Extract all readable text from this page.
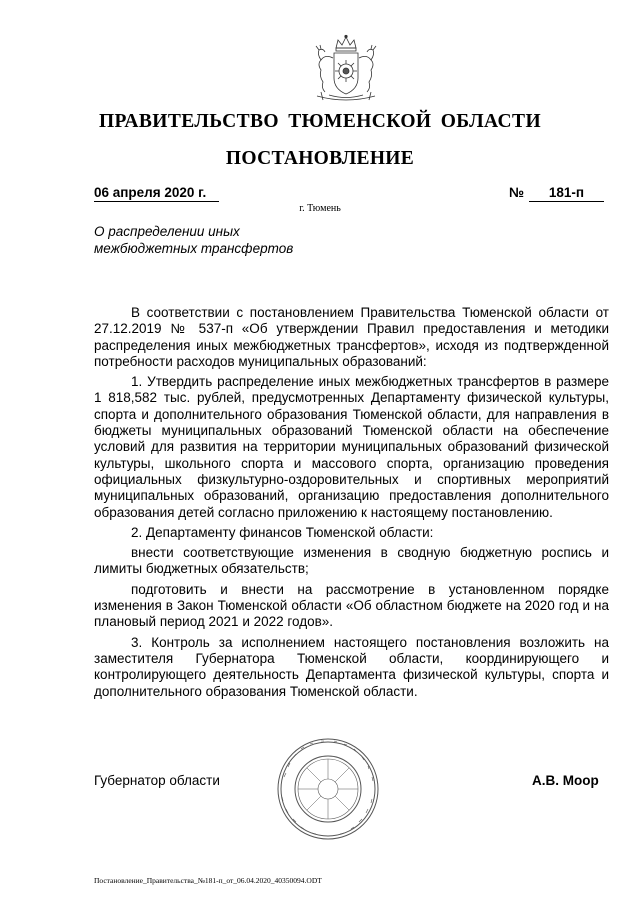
ПРАВИТЕЛЬСТВО ТЮМЕНСКОЙ ОБЛАСТИ
ПОСТАНОВЛЕНИЕ
06 апреля 2020 г.	№	181-п
г. Тюмень
О распределении иных
межбюджетных трансфертов

В соответствии с постановлением Правительства Тюменской области от 27.12.2019 № 537-п «Об утверждении Правил предоставления и методики распределения иных межбюджетных трансфертов», исходя из подтвержденной потребности расходов муниципальных образований:

1. Утвердить распределение иных межбюджетных трансфертов в размере 1 818,582 тыс. рублей, предусмотренных Департаменту физической культуры, спорта и дополнительного образования Тюменской области, для направления в бюджеты муниципальных образований Тюменской области на обеспечение условий для развития на территории муниципальных образований физической культуры, школьного спорта и массового спорта, организацию проведения официальных физкультурно-оздоровительных и спортивных мероприятий муниципальных образований, организацию предоставления дополнительного образования детей согласно приложению к настоящему постановлению.

2. Департаменту финансов Тюменской области:

внести соответствующие изменения в сводную бюджетную роспись и лимиты бюджетных обязательств;

подготовить и внести на рассмотрение в установленном порядке изменения в Закон Тюменской области «Об областном бюджете на 2020 год и на плановый период 2021 и 2022 годов».

3. Контроль за исполнением настоящего постановления возложить на заместителя Губернатора Тюменской области, координирующего и контролирующего деятельность Департамента физической культуры, спорта и дополнительного образования Тюменской области.

Губернатор области	А.В. Моор
Постановление_Правительства_№181-п_от_06.04.2020_40350094.ODT
